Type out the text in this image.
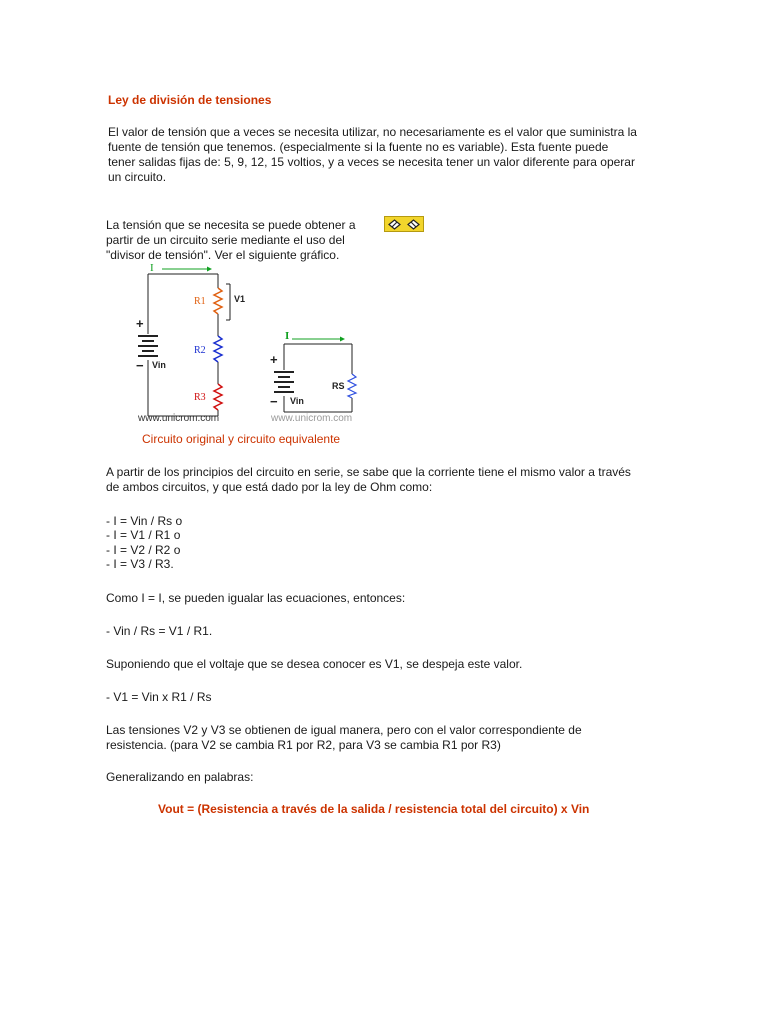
Ley de división de tensiones
El valor de tensión que a veces se necesita utilizar, no necesariamente es el valor que suministra la
fuente de tensión que tenemos. (especialmente si la fuente no es variable). Esta fuente puede
tener salidas fijas de: 5, 9, 12, 15 voltios, y a veces se necesita tener un valor diferente para operar
un circuito.
La tensión que se necesita se puede obtener a
partir de un circuito serie mediante el uso del
"divisor de tensión". Ver el siguiente gráfico.
I
+
− Vin
R1	V1
R2
R3
www.unicrom.com
I
+
− Vin
RS
www.unicrom.com
Circuito original y circuito equivalente
A partir de los principios del circuito en serie, se sabe que la corriente tiene el mismo valor a través
de ambos circuitos, y que está dado por la ley de Ohm como:
- I = Vin / Rs o
- I = V1 / R1 o
- I = V2 / R2 o
- I = V3 / R3.
Como I = I, se pueden igualar las ecuaciones, entonces:
- Vin / Rs = V1 / R1.
Suponiendo que el voltaje que se desea conocer es V1, se despeja este valor.
- V1 = Vin x R1 / Rs
Las tensiones V2 y V3 se obtienen de igual manera, pero con el valor correspondiente de
resistencia. (para V2 se cambia R1 por R2, para V3 se cambia R1 por R3)
Generalizando en palabras:
Vout = (Resistencia a través de la salida / resistencia total del circuito) x Vin
